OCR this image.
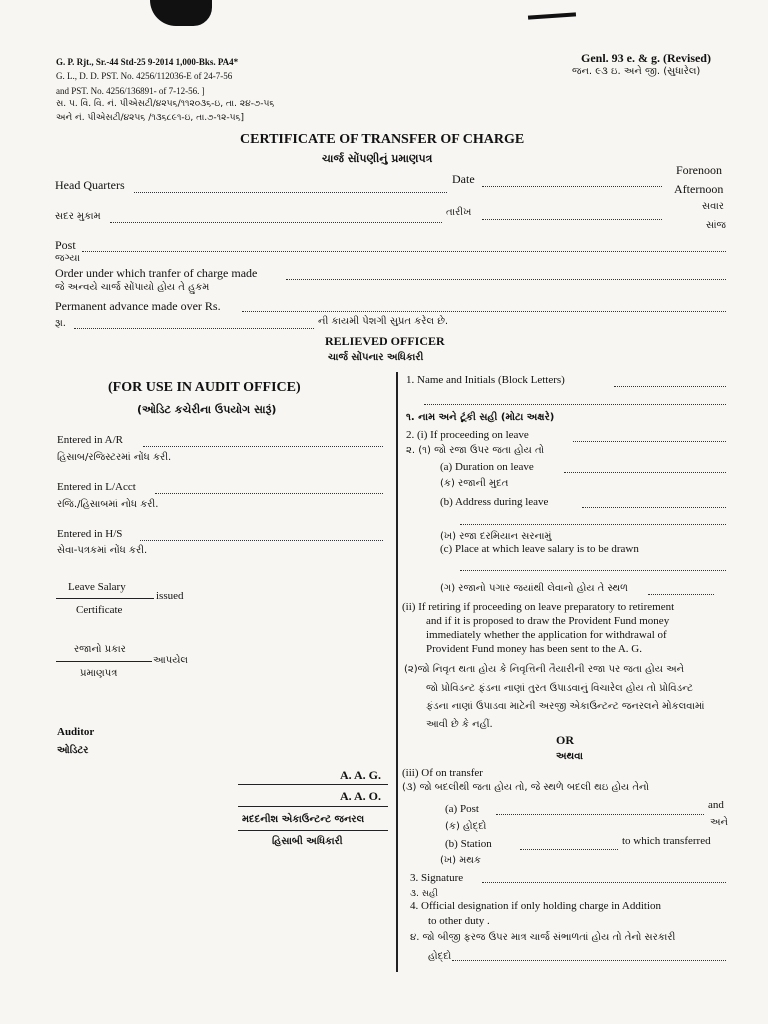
G. P. Rjt., Sr.-44 Std-25 9-2014 1,000-Bks. PA4*
G. L., D. D. PST. No. 4256/112036-E of 24-7-56
and PST. No. 4256/136891- of 7-12-56. ]
સ. પ. વિ. વિ. નં. પીએસટી/૪૨૫૬/૧૧૨૦૩૬-ઇ, તા. ૨૪-૭-૫૬
અને નં. પીએસટી/૪૨૫૬ /૧૩૬૮૯૧-ઇ, તા.૭-૧૨-૫૬]
Genl. 93 e. & g. (Revised)
જન. ૯૩ ઇ. અને જી. (સુધારેલ)
CERTIFICATE OF TRANSFER OF CHARGE
ચાર્જ સોંપણીનું પ્રમાણપત્ર
Head Quarters	Date
Forenoon
Afternoon
સદર મુકામ	તારીખ
સવાર
સાંજ
Post
જગ્યા
Order under which tranfer of charge made
જે અન્વયે ચાર્જ સોંપાયો હોય તે હુકમ
Permanent advance made over Rs.
રૂા.	ની કાયમી પેશગી સુપ્રત કરેલ છે.
RELIEVED OFFICER
ચાર્જ સોંપનાર અધિકારી
(FOR USE IN AUDIT OFFICE)
(ઓડિટ કચેરીના ઉપયોગ સારૂં)
Entered in A/R
હિસાબ/રજિસ્ટરમાં નોંધ કરી.
Entered in L/Acct
રજિ./હિસાબમાં નોધ કરી.
Entered in H/S
સેવા-પત્રકમાં નોંધ કરી.
Leave Salary
issued
Certificate
રજાનો પ્રકાર
આપયેલ
પ્રમાણપત્ર
Auditor
ઓડિટર
A. A. G.
A. A. O.
મદદનીશ એકાઉન્ટન્ટ જનરલ
હિસાબી અધિકારી
1. Name and Initials (Block Letters)
૧. નામ અને ટૂંકી સહી (મોટા અક્ષરે)
2. (i) If proceeding on leave
૨. (૧) જો રજા ઉપર જતા હોય તો
(a) Duration on leave
(ક) રજાની મુદત
(b) Address during leave
(ખ) રજા દરમિયાન સરનામું
(c) Place at which leave salary is to be drawn
(ગ) રજાનો પગાર જયાંથી લેવાનો હોય તે સ્થળ
(ii) If retiring if proceeding on leave preparatory to retirement
and if it is proposed to draw the Provident Fund money
immediately whether the application for withdrawal of
Provident Fund money has been sent to the A. G.
(૨)જો નિવૃત થતા હોય કે નિવૃત્તિની તૈયારીની રજા પર જતા હોય અને
જો પ્રોવિડન્ટ ફંડના નાણાં તુરત ઉપાડવાનું વિચારેલ હોય તો પ્રોવિડન્ટ
ફંડના નાણાં ઉપાડવા માટેની અરજી એકાઉન્ટન્ટ જનરલને મોકલવામાં
આવી છે કે નહીં.
OR
અથવા
(iii) Of on transfer
(૩) જો બદલીથી જતા હોય તો, જે સ્થળે બદલી થઇ હોય તેનો
(a) Post	and
(ક) હોદ્દો	અને
(b) Station	to which transferred
(ખ) મથક
3. Signature
૩. સહી
4. Official designation if only holding charge in Addition
to other duty .
૪. જો બીજી ફરજ ઉપર માત્ર ચાર્જ સંભાળતાં હોય તો તેનો સરકારી
હોદ્દો
